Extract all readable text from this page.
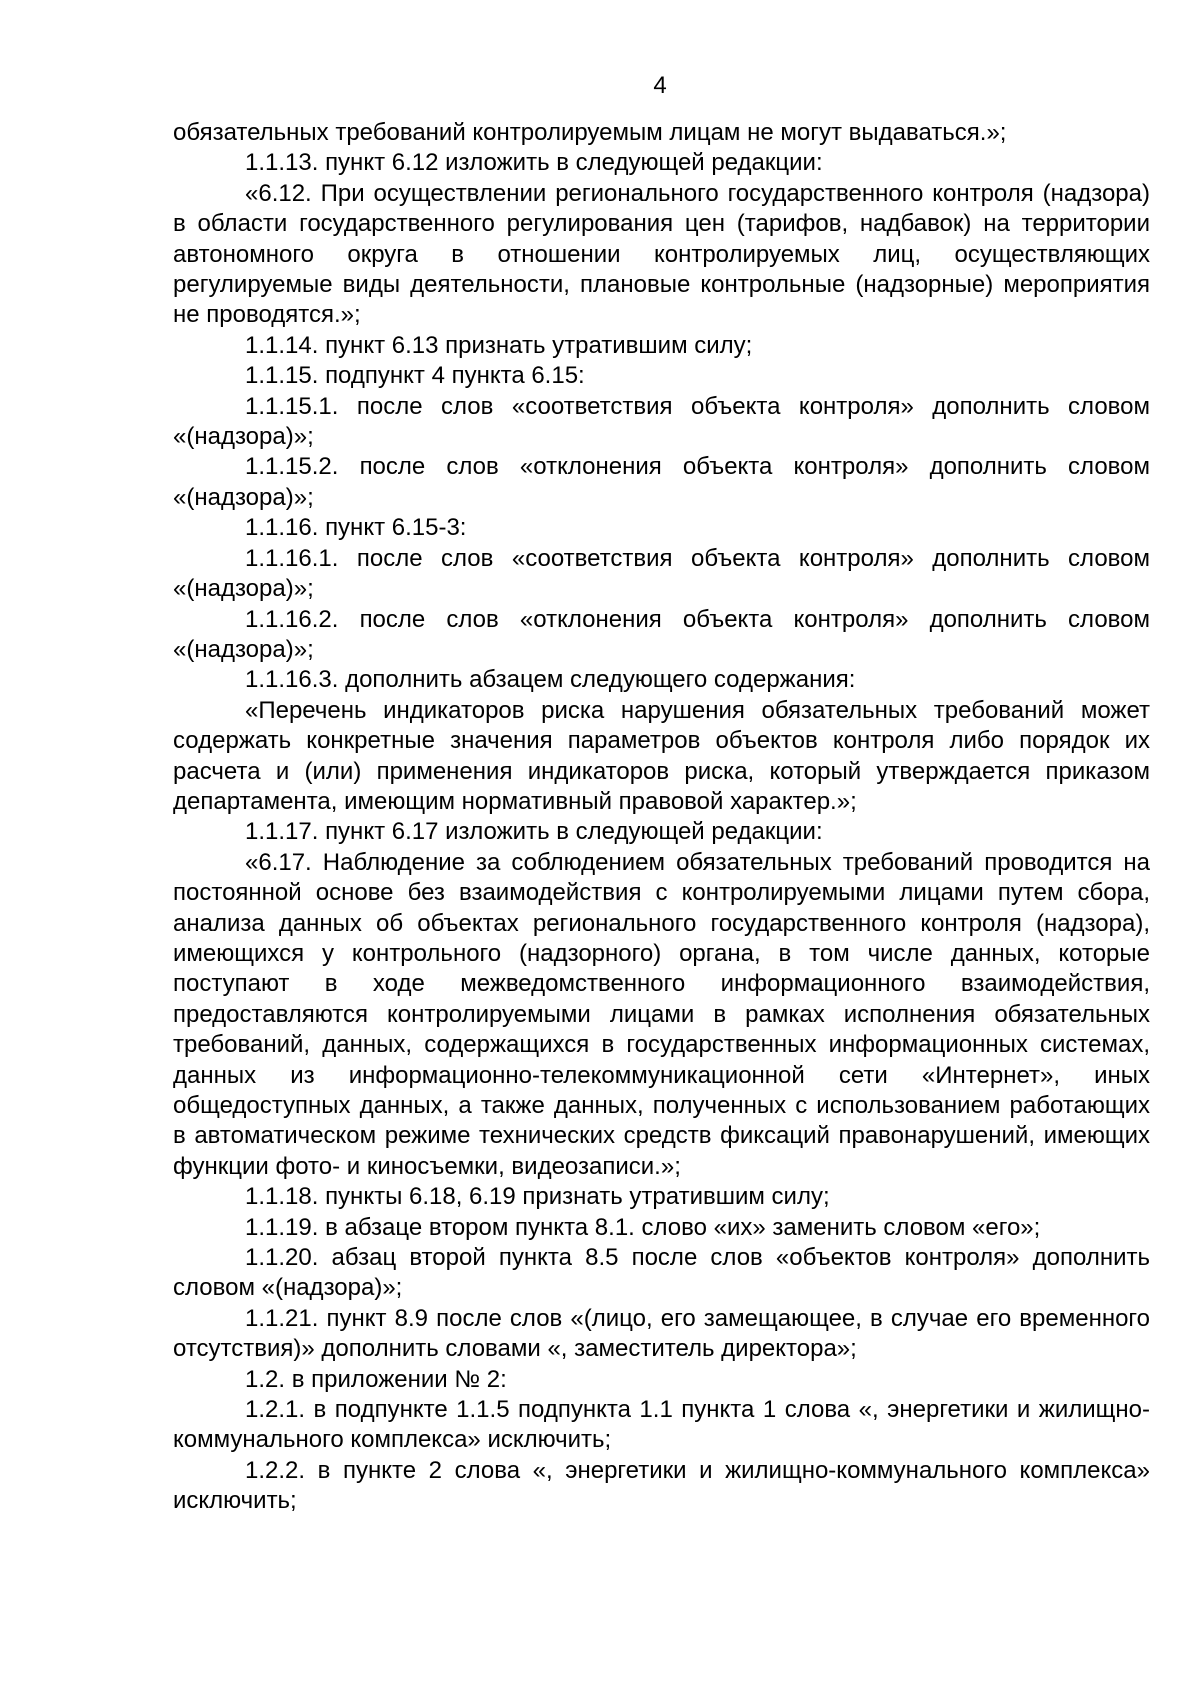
4

обязательных требований контролируемым лицам не могут выдаваться.»;

1.1.13. пункт 6.12 изложить в следующей редакции:

«6.12. При осуществлении регионального государственного контроля (надзора) в области государственного регулирования цен (тарифов, надбавок) на территории автономного округа в отношении контролируемых лиц, осуществляющих регулируемые виды деятельности, плановые контрольные (надзорные) мероприятия не проводятся.»;

1.1.14. пункт 6.13 признать утратившим силу;

1.1.15. подпункт 4 пункта 6.15:

1.1.15.1. после слов «соответствия объекта контроля» дополнить словом «(надзора)»;

1.1.15.2. после слов «отклонения объекта контроля» дополнить словом «(надзора)»;

1.1.16. пункт 6.15-3:

1.1.16.1. после слов «соответствия объекта контроля» дополнить словом «(надзора)»;

1.1.16.2. после слов «отклонения объекта контроля» дополнить словом «(надзора)»;

1.1.16.3. дополнить абзацем следующего содержания:

«Перечень индикаторов риска нарушения обязательных требований может содержать конкретные значения параметров объектов контроля либо порядок их расчета и (или) применения индикаторов риска, который утверждается приказом департамента, имеющим нормативный правовой характер.»;

1.1.17. пункт 6.17 изложить в следующей редакции:

«6.17. Наблюдение за соблюдением обязательных требований проводится на постоянной основе без взаимодействия с контролируемыми лицами путем сбора, анализа данных об объектах регионального государственного контроля (надзора), имеющихся у контрольного (надзорного) органа, в том числе данных, которые поступают в ходе межведомственного информационного взаимодействия, предоставляются контролируемыми лицами в рамках исполнения обязательных требований, данных, содержащихся в государственных информационных системах, данных из информационно-телекоммуникационной сети «Интернет», иных общедоступных данных, а также данных, полученных с использованием работающих в автоматическом режиме технических средств фиксаций правонарушений, имеющих функции фото- и киносъемки, видеозаписи.»;

1.1.18. пункты 6.18, 6.19 признать утратившим силу;

1.1.19. в абзаце втором пункта 8.1. слово «их» заменить словом «его»;

1.1.20. абзац второй пункта 8.5 после слов «объектов контроля» дополнить словом «(надзора)»;

1.1.21. пункт 8.9 после слов «(лицо, его замещающее, в случае его временного отсутствия)» дополнить словами «, заместитель директора»;

1.2. в приложении № 2:

1.2.1. в подпункте 1.1.5 подпункта 1.1 пункта 1 слова «, энергетики и жилищно-коммунального комплекса» исключить;

1.2.2. в пункте 2 слова «, энергетики и жилищно-коммунального комплекса» исключить;
